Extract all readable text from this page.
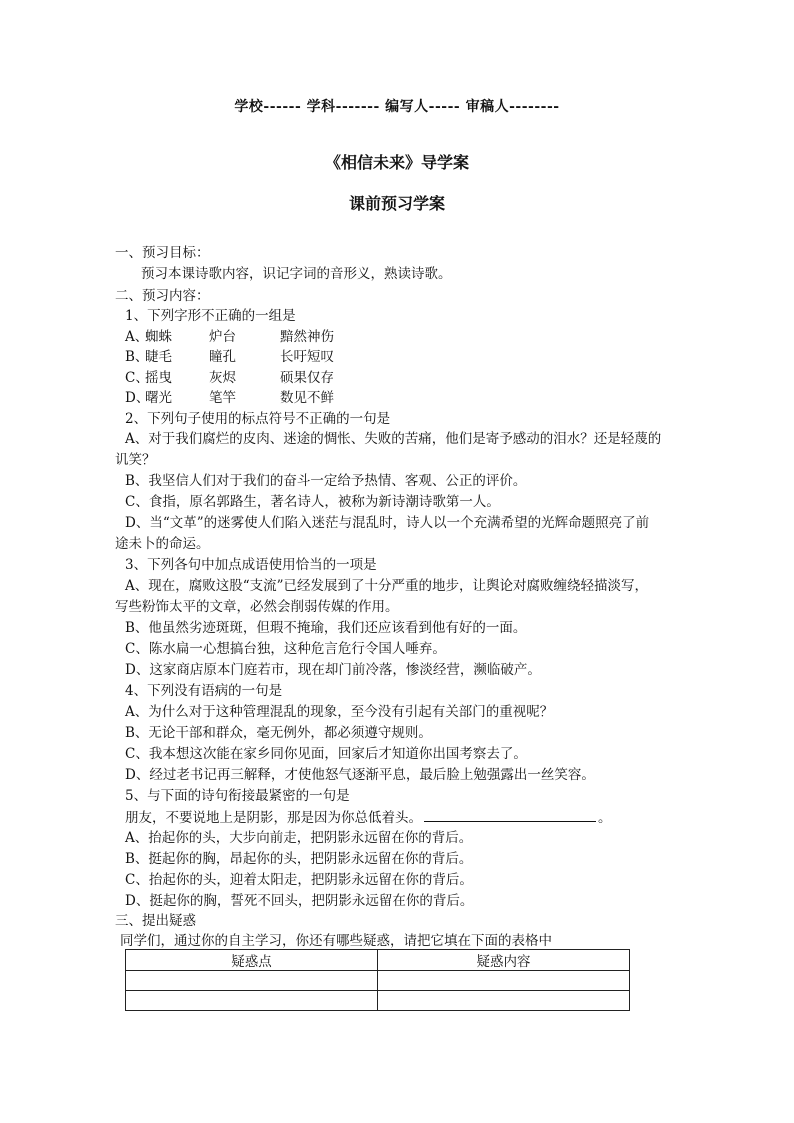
学校------ 学科------- 编写人----- 审稿人--------
《相信未来》导学案
课前预习学案
一、预习目标：
预习本课诗歌内容，识记字词的音形义，熟读诗歌。
二、预习内容：
1、下列字形不正确的一组是
A、
蜘蛛	炉台	黯然神伤
B、
睫毛	瞳孔	长吁短叹
C、
摇曳	灰烬	硕果仅存
D、
曙光	笔竿	数见不鲜
2、下列句子使用的标点符号不正确的一句是
A、对于我们腐烂的皮肉、迷途的惆怅、失败的苦痛，他们是寄予感动的泪水？还是轻蔑的
讥笑？
B、我坚信人们对于我们的奋斗一定给予热情、客观、公正的评价。
C、食指，原名郭路生，著名诗人，被称为新诗潮诗歌第一人。
D、当“文革”的迷雾使人们陷入迷茫与混乱时，诗人以一个充满希望的光辉命题照亮了前
途未卜的命运。
3、下列各句中加点成语使用恰当的一项是
A、现在，腐败这股“支流”已经发展到了十分严重的地步，让舆论对腐败缠绕轻描淡写，
写些粉饰太平的文章，必然会削弱传媒的作用。
B、他虽然劣迹斑斑，但瑕不掩瑜，我们还应该看到他有好的一面。
C、陈水扁一心想搞台独，这种危言危行令国人唾弃。
D、这家商店原本门庭若市，现在却门前冷落，惨淡经营，濒临破产。
4、下列没有语病的一句是
A、为什么对于这种管理混乱的现象，至今没有引起有关部门的重视呢？
B、无论干部和群众，毫无例外，都必须遵守规则。
C、我本想这次能在家乡同你见面，回家后才知道你出国考察去了。
D、经过老书记再三解释，才使他怒气逐渐平息，最后脸上勉强露出一丝笑容。
5、与下面的诗句衔接最紧密的一句是
朋友，不要说地上是阴影，那是因为你总低着头。	。
A、抬起你的头，大步向前走，把阴影永远留在你的背后。
B、挺起你的胸，昂起你的头，把阴影永远留在你的背后。
C、抬起你的头，迎着太阳走，把阴影永远留在你的背后。
D、挺起你的胸，誓死不回头，把阴影永远留在你的背后。
三、提出疑惑
同学们，通过你的自主学习，你还有哪些疑惑，请把它填在下面的表格中
疑惑点	疑惑内容
